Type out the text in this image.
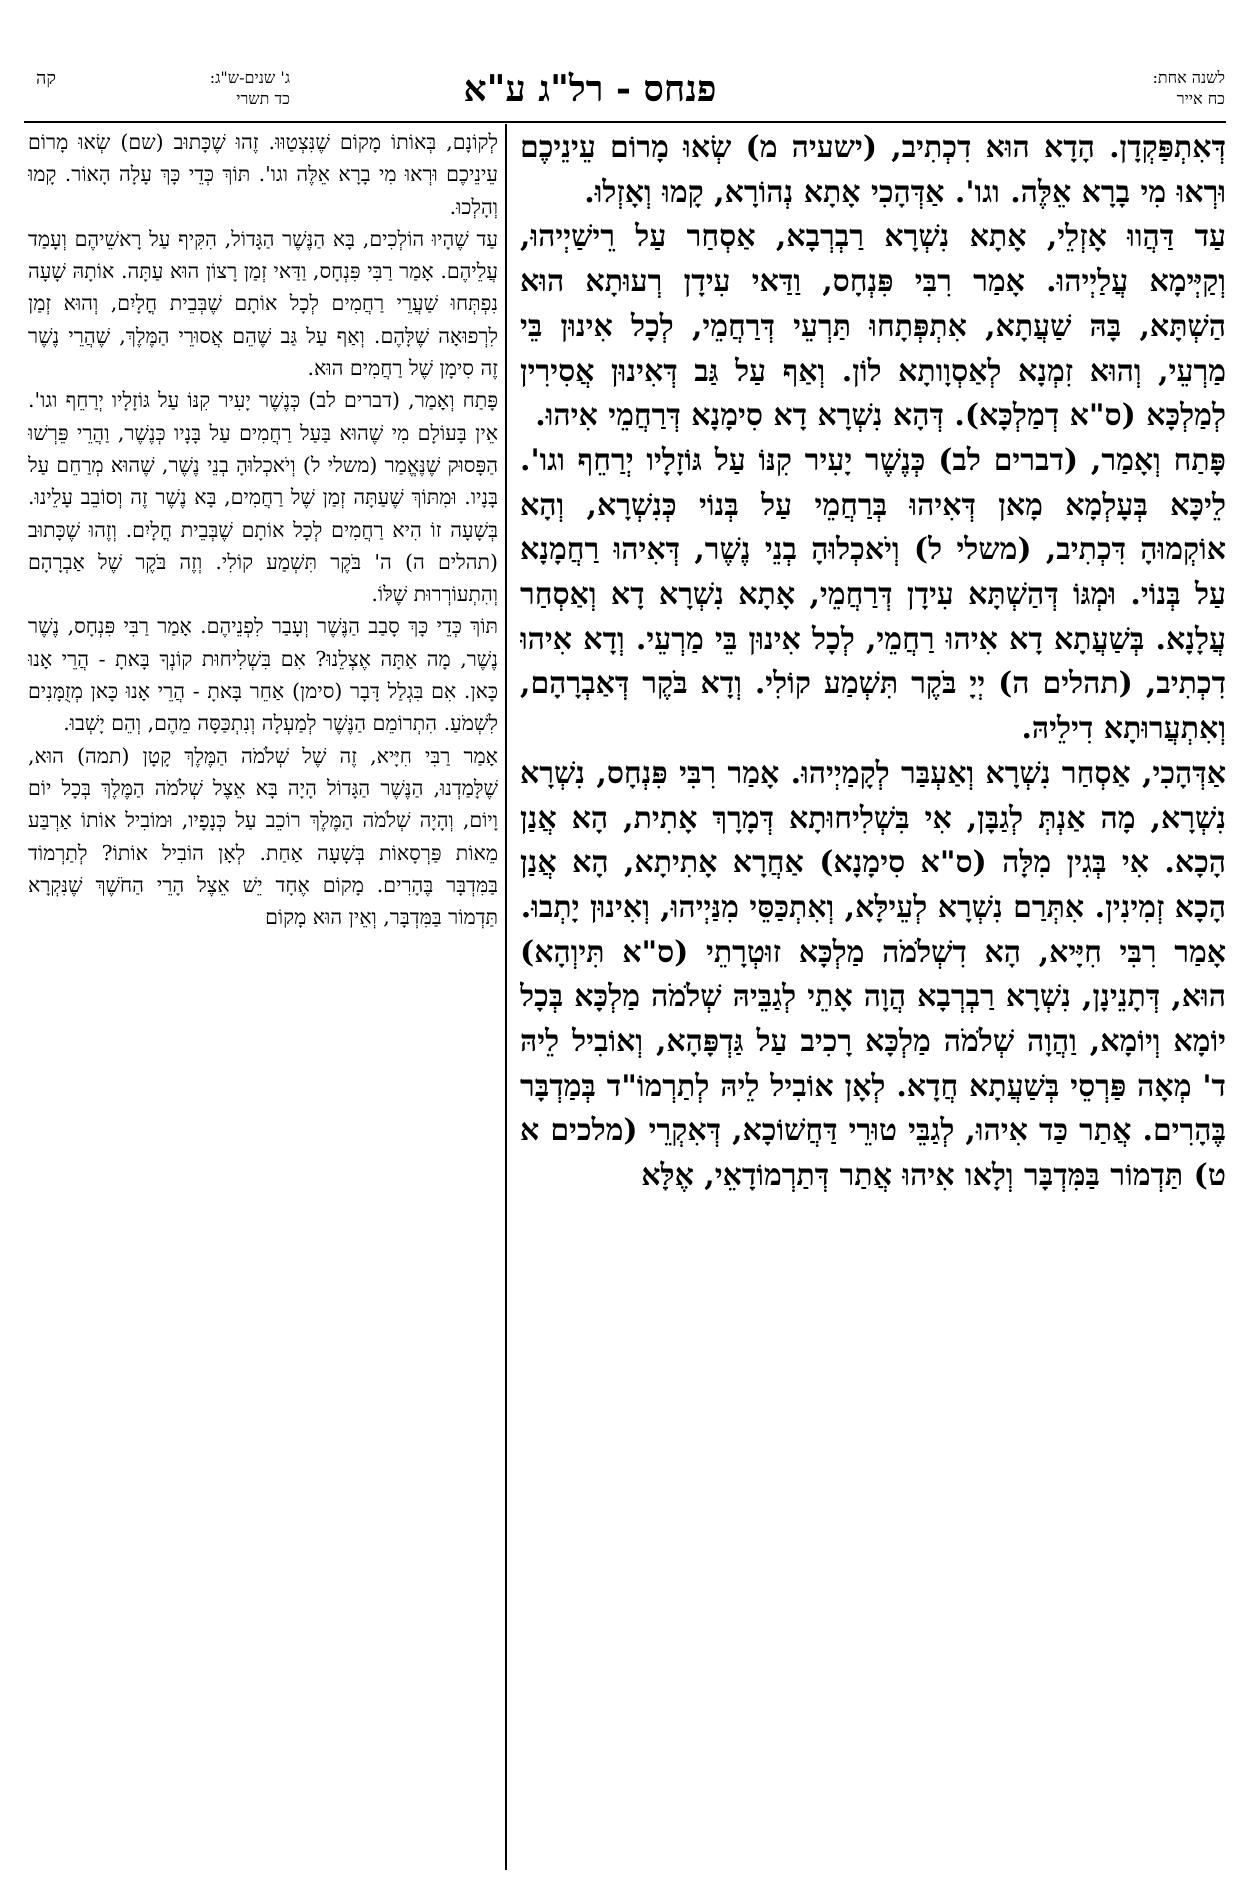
לשנה אחת:
כח אייר
פנחס - רל"ג ע"א
ג' שנים-ש"ג:
כד תשרי
קה

דְּאִתְפַּקְדָן. הָדָא הוּא דִכְתִיב, (ישעיה מ) שְׂאוּ מָרוֹם עֵינֵיכֶם וּרְאוּ מִי בָרָא אֵלֶּה. וגו'. אַדְּהָכִי אָתָא נְהוֹרָא, קָמוּ וְאָזְלוּ.

עַד דַּהֲווּ אָזְלֵי, אָתָא נִשְׁרָא רַבְרְבָא, אַסְחַר עַל רֵישַׁיְיהוּ, וְקַיְּימָא עֲלַיְיהוּ. אָמַר רִבִּי פִּנְחָס, וַדַּאי עִידָן רְעוּתָא הוּא הַשְׁתָּא, בָּהּ שַׁעֲתָא, אִתְפְּתָחוּ תַּרְעֵי דְּרַחֲמֵי, לְכָל אִינוּן בֵּי מַרְעֵי, וְהוּא זִמְנָא לְאַסְוָותָא לוֹן. וְאַף עַל גַּב דְּאִינוּן אֲסִירִין לְמַלְכָּא (ס"א דְמַלְכָּא). דְּהָא נִשְׁרָא דָא סִימָנָא דְּרַחֲמֵי אִיהוּ.

פָּתַח וְאָמַר, (דברים לב) כְּנֶשֶׁר יָעִיר קִנּוֹ עַל גּוֹזָלָיו יְרַחֵף וגו'. לֵיכָּא בְּעָלְמָא מָאן דְּאִיהוּ בְּרַחֲמֵי עַל בְּנוֹי כְּנִשְׁרָא, וְהָא אוֹקְמוּהָ דִּכְתִיב, (משלי ל) וְיֹאכְלוּהָ בְנֵי נֶשֶׁר, דְּאִיהוּ רַחֲמָנָא עַל בְּנוֹי. וּמְגּוֹ דְּהַשְׁתָּא עִידָן דְּרַחֲמֵי, אָתָא נִשְׁרָא דָא וְאַסְחַר עֲלָנָא. בְּשַׁעֲתָא דָא אִיהוּ רַחֲמֵי, לְכָל אִינוּן בֵּי מַרְעֵי. וְדָא אִיהוּ דִכְתִיב, (תהלים ה) יְיָ בֹּקֶר תִּשְׁמַע קוֹלִי. וְדָא בֹּקֶר דְּאַבְרָהָם, וְאִתְעֲרוּתָא דִילֵיהּ.

אַדְּהָכִי, אַסְחַר נִשְׁרָא וְאַעְבַּר לְקָמַיְיהוּ. אָמַר רִבִּי פִּנְחָס, נִשְׁרָא נִשְׁרָא, מָה אַנְתְּ לְגַבָּן, אִי בִּשְׁלִיחוּתָא דְּמָרָךְ אָתִית, הָא אֲנַן הָכָא. אִי בְּגִין מִלָּה (ס"א סִימָנָא) אַחֲרָא אָתִיתָא, הָא אֲנַן הָכָא זְמִינִין. אִתְּרַם נִשְׁרָא לְעֵילָּא, וְאִתְכַּסֵּי מִנַּיְיהוּ, וְאִינוּן יָתְבוּ.

אָמַר רִבִּי חִיָּיא, הָא דִשְׁלֹמֹה מַלְכָּא זוּטְרָתֵי (ס"א תִּיוְהָא) הוּא, דְּתָנֵינָן, נִשְׁרָא רַבְרְבָא הֲוָה אָתֵי לְגַבֵּיהּ שְׁלֹמֹה מַלְכָּא בְּכָל יוֹמָא וְיוֹמָא, וַהֲוָה שְׁלֹמֹה מַלְכָּא רָכִיב עַל גַּדְפָּהָא, וְאוֹבִיל לֵיהּ ד' מְאָה פַּרְסֵי בְּשַׁעֲתָא חֲדָא. לְאָן אוֹבִיל לֵיהּ לְתַרְמוֹ"ד בְּמַדְבָּר בֶּהָרִים. אֲתַר כַּד אִיהוּ, לְגַבֵּי טוּרֵי דַּחֲשׁוֹכָא, דְּאִקְרֵי (מלכים א ט) תַּדְמוֹר בַּמִּדְבָּר וְלָאו אִיהוּ אֲתַר דְּתַרְמוֹדָאֵי, אֶלָּא

לְקוֹנָם, בְּאוֹתוֹ מָקוֹם שֶׁנִּצְטַוּוּ. זֶהוּ שֶׁכָּתוּב (שם) שְׂאוּ מָרוֹם עֵינֵיכֶם וּרְאוּ מִי בָרָא אֵלֶּה וגו'. תּוֹךְ כְּדֵי כָּךְ עָלָה הָאוֹר. קָמוּ וְהָלְכוּ.

עַד שֶׁהָיוּ הוֹלְכִים, בָּא הַנֶּשֶׁר הַגָּדוֹל, הִקִּיף עַל רָאשֵׁיהֶם וְעָמַד עֲלֵיהֶם. אָמַר רַבִּי פִּנְחָס, וַדַּאי זְמַן רָצוֹן הוּא עַתָּה. אוֹתָהּ שָׁעָה נִפְתְּחוּ שַׁעֲרֵי רַחֲמִים לְכָל אוֹתָם שֶׁבְּבֵית חֳלָיִם, וְהוּא זְמַן לִרְפוּאָה שֶׁלָּהֶם. וְאַף עַל גַּב שֶׁהֵם אֲסוּרֵי הַמֶּלֶךְ, שֶׁהֲרֵי נֶשֶׁר זֶה סִימָן שֶׁל רַחֲמִים הוּא.

פָּתַח וְאָמַר, (דברים לב) כְּנֶשֶׁר יָעִיר קִנּוֹ עַל גּוֹזָלָיו יְרַחֵף וגו'. אֵין בָּעוֹלָם מִי שֶׁהוּא בַּעַל רַחֲמִים עַל בָּנָיו כְּנֶשֶׁר, וַהֲרֵי פֵּרְשׁוּ הַפָּסוּק שֶׁנֶּאֱמַר (משלי ל) וְיֹאכְלוּהָ בְנֵי נֶשֶׁר, שֶׁהוּא מְרַחֵם עַל בָּנָיו. וּמִתּוֹךְ שֶׁעַתָּה זְמַן שֶׁל רַחֲמִים, בָּא נֶשֶׁר זֶה וְסוֹבֵב עָלֵינוּ. בְּשָׁעָה זוֹ הִיא רַחֲמִים לְכָל אוֹתָם שֶׁבְּבֵית חֳלָיִם. וְזֶהוּ שֶׁכָּתוּב (תהלים ה) ה' בֹּקֶר תִּשְׁמַע קוֹלִי. וְזֶה בֹּקֶר שֶׁל אַבְרָהָם וְהִתְעוֹרְרוּת שֶׁלּוֹ.

תּוֹךְ כְּדֵי כָּךְ סָבַב הַנֶּשֶׁר וְעָבַר לִפְנֵיהֶם. אָמַר רַבִּי פִּנְחָס, נֶשֶׁר נֶשֶׁר, מָה אַתָּה אֶצְלֵנוּ? אִם בִּשְׁלִיחוּת קוֹנְךָ בָּאתָ - הֲרֵי אָנוּ כָּאן. אִם בִּגְלַל דָּבָר (סימן) אַחֵר בָּאתָ - הֲרֵי אָנוּ כָּאן מְזֻמָּנִים לִשְׁמֹעַ. הִתְרוֹמֵם הַנֶּשֶׁר לְמַעְלָה וְנִתְכַּסָּה מֵהֶם, וְהֵם יָשְׁבוּ.

אָמַר רַבִּי חִיָּיא, זֶה שֶׁל שְׁלֹמֹה הַמֶּלֶךְ קָטָן (תמה) הוּא, שֶׁלָּמַדְנוּ, הַנֶּשֶׁר הַגָּדוֹל הָיָה בָּא אֵצֶל שְׁלֹמֹה הַמֶּלֶךְ בְּכָל יוֹם וָיוֹם, וְהָיָה שְׁלֹמֹה הַמֶּלֶךְ רוֹכֵב עַל כְּנָפָיו, וּמוֹבִיל אוֹתוֹ אַרְבַּע מֵאוֹת פַּרְסָאוֹת בְּשָׁעָה אַחַת. לְאָן הוֹבִיל אוֹתוֹ? לְתַרְמוֹד בַּמִּדְבָּר בֶּהָרִים. מָקוֹם אֶחָד יֵשׁ אֵצֶל הָרֵי הַחֹשֶׁךְ שֶׁנִּקְרָא תַּדְמוֹר בַּמִּדְבָּר, וְאֵין הוּא מָקוֹם
